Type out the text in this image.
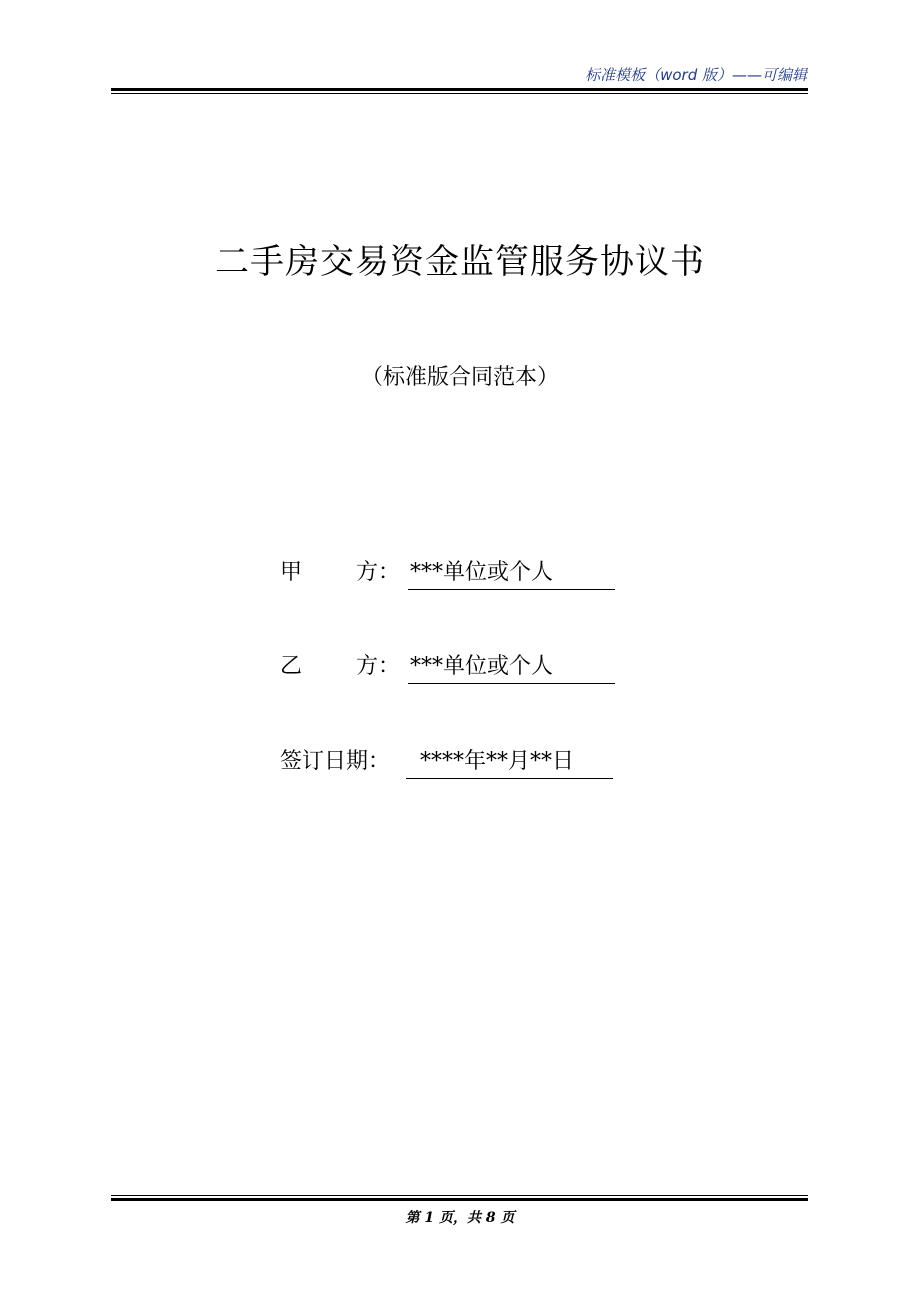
标准模板（word 版）——可编辑
二手房交易资金监管服务协议书
（标准版合同范本）
甲 方： ***单位或个人
乙 方： ***单位或个人
签订日期： ****年**月**日
第 1 页，共 8 页
